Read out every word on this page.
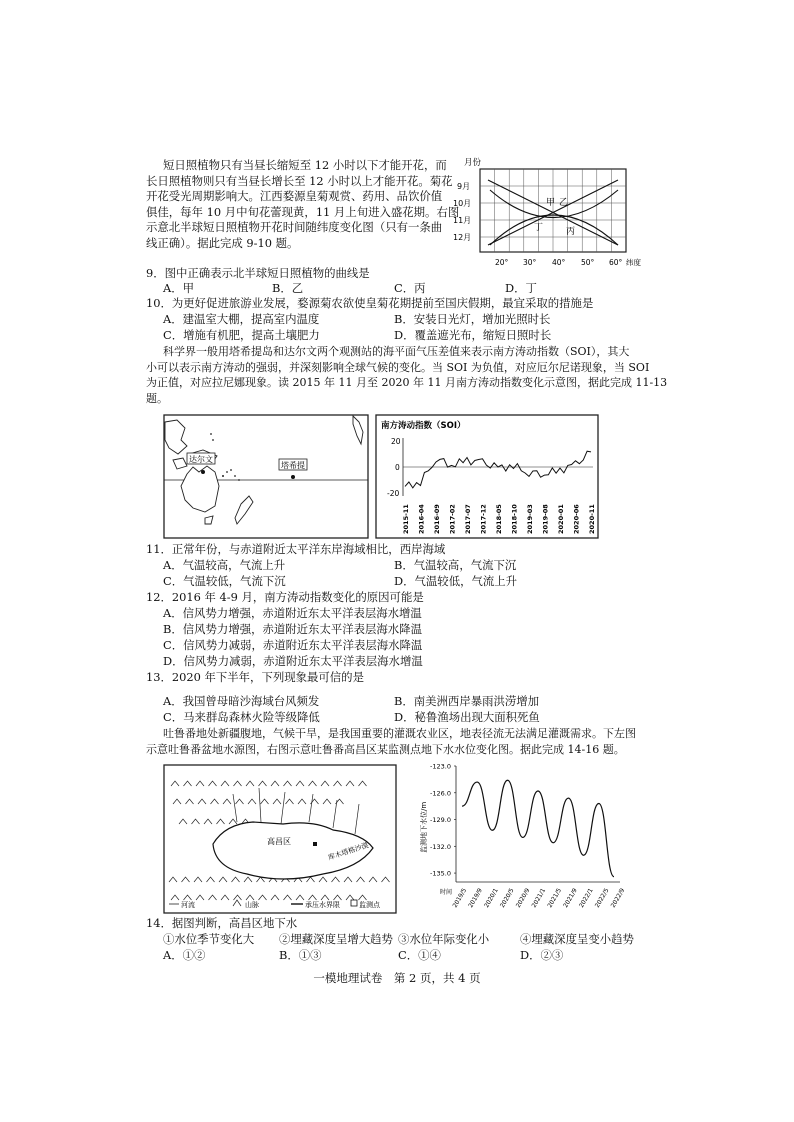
短日照植物只有当昼长缩短至 12 小时以下才能开花，而
长日照植物则只有当昼长增长至 12 小时以上才能开花。菊花
开花受光周期影响大。江西婺源皇菊观赏、药用、品饮价值
俱佳，每年 10 月中旬花蕾现黄，11 月上旬进入盛花期。右图
示意北半球短日照植物开花时间随纬度变化图（只有一条曲
线正确）。据此完成 9-10 题。
月份
9月
10月
11月
12月
甲 乙
丙
丁
20° 30° 40° 50° 60° 纬度
9．图中正确表示北半球短日照植物的曲线是
A．甲	B．乙	C．丙	D．丁
10．为更好促进旅游业发展，婺源菊农欲使皇菊花期提前至国庆假期，最宜采取的措施是
A．建温室大棚，提高室内温度	B．安装日光灯，增加光照时长
C．增施有机肥，提高土壤肥力	D．覆盖遮光布，缩短日照时长
科学界一般用塔希提岛和达尔文两个观测站的海平面气压差值来表示南方涛动指数（SOI），其大
小可以表示南方涛动的强弱，并深刻影响全球气候的变化。当 SOI 为负值，对应厄尔尼诺现象，当 SOI
为正值，对应拉尼娜现象。读 2015 年 11 月至 2020 年 11 月南方涛动指数变化示意图，据此完成 11-13
题。
达尔文
塔希提
南方涛动指数（SOI）
20
0
-20
2015-11 2016-04 2016-09 2017-02 2017-07 2017-12 2018-05 2018-10 2019-03 2019-08 2020-01 2020-06 2020-11
11．正常年份，与赤道附近太平洋东岸海域相比，西岸海域
A．气温较高，气流上升	B．气温较高，气流下沉
C．气温较低，气流下沉	D．气温较低，气流上升
12．2016 年 4-9 月，南方涛动指数变化的原因可能是
A．信风势力增强，赤道附近东太平洋表层海水增温
B．信风势力增强，赤道附近东太平洋表层海水降温
C．信风势力减弱，赤道附近东太平洋表层海水降温
D．信风势力减弱，赤道附近东太平洋表层海水增温
13．2020 年下半年，下列现象最可信的是
A．我国曾母暗沙海域台风频发	B．南美洲西岸暴雨洪涝增加
C．马来群岛森林火险等级降低	D．秘鲁渔场出现大面积死鱼
吐鲁番地处新疆腹地，气候干旱，是我国重要的灌溉农业区，地表径流无法满足灌溉需求。下左图
示意吐鲁番盆地水源图，右图示意吐鲁番高昌区某监测点地下水水位变化图。据此完成 14-16 题。
高昌区	库木塔格沙漠
河流	山脉	承压水界限	监测点
监测地下水位/m
-123.0
-126.0
-129.0
-132.0
-135.0
时间 2019/5 2019/9 2020/1 2020/5 2020/9 2021/1 2021/5 2021/9 2022/1 2022/5 2022/9
14．据图判断，高昌区地下水
①水位季节变化大 ②埋藏深度呈增大趋势 ③水位年际变化小	④埋藏深度呈变小趋势
A．①②	B．①③	C．①④	D．②③
一模地理试卷　第 2 页，共 4 页
